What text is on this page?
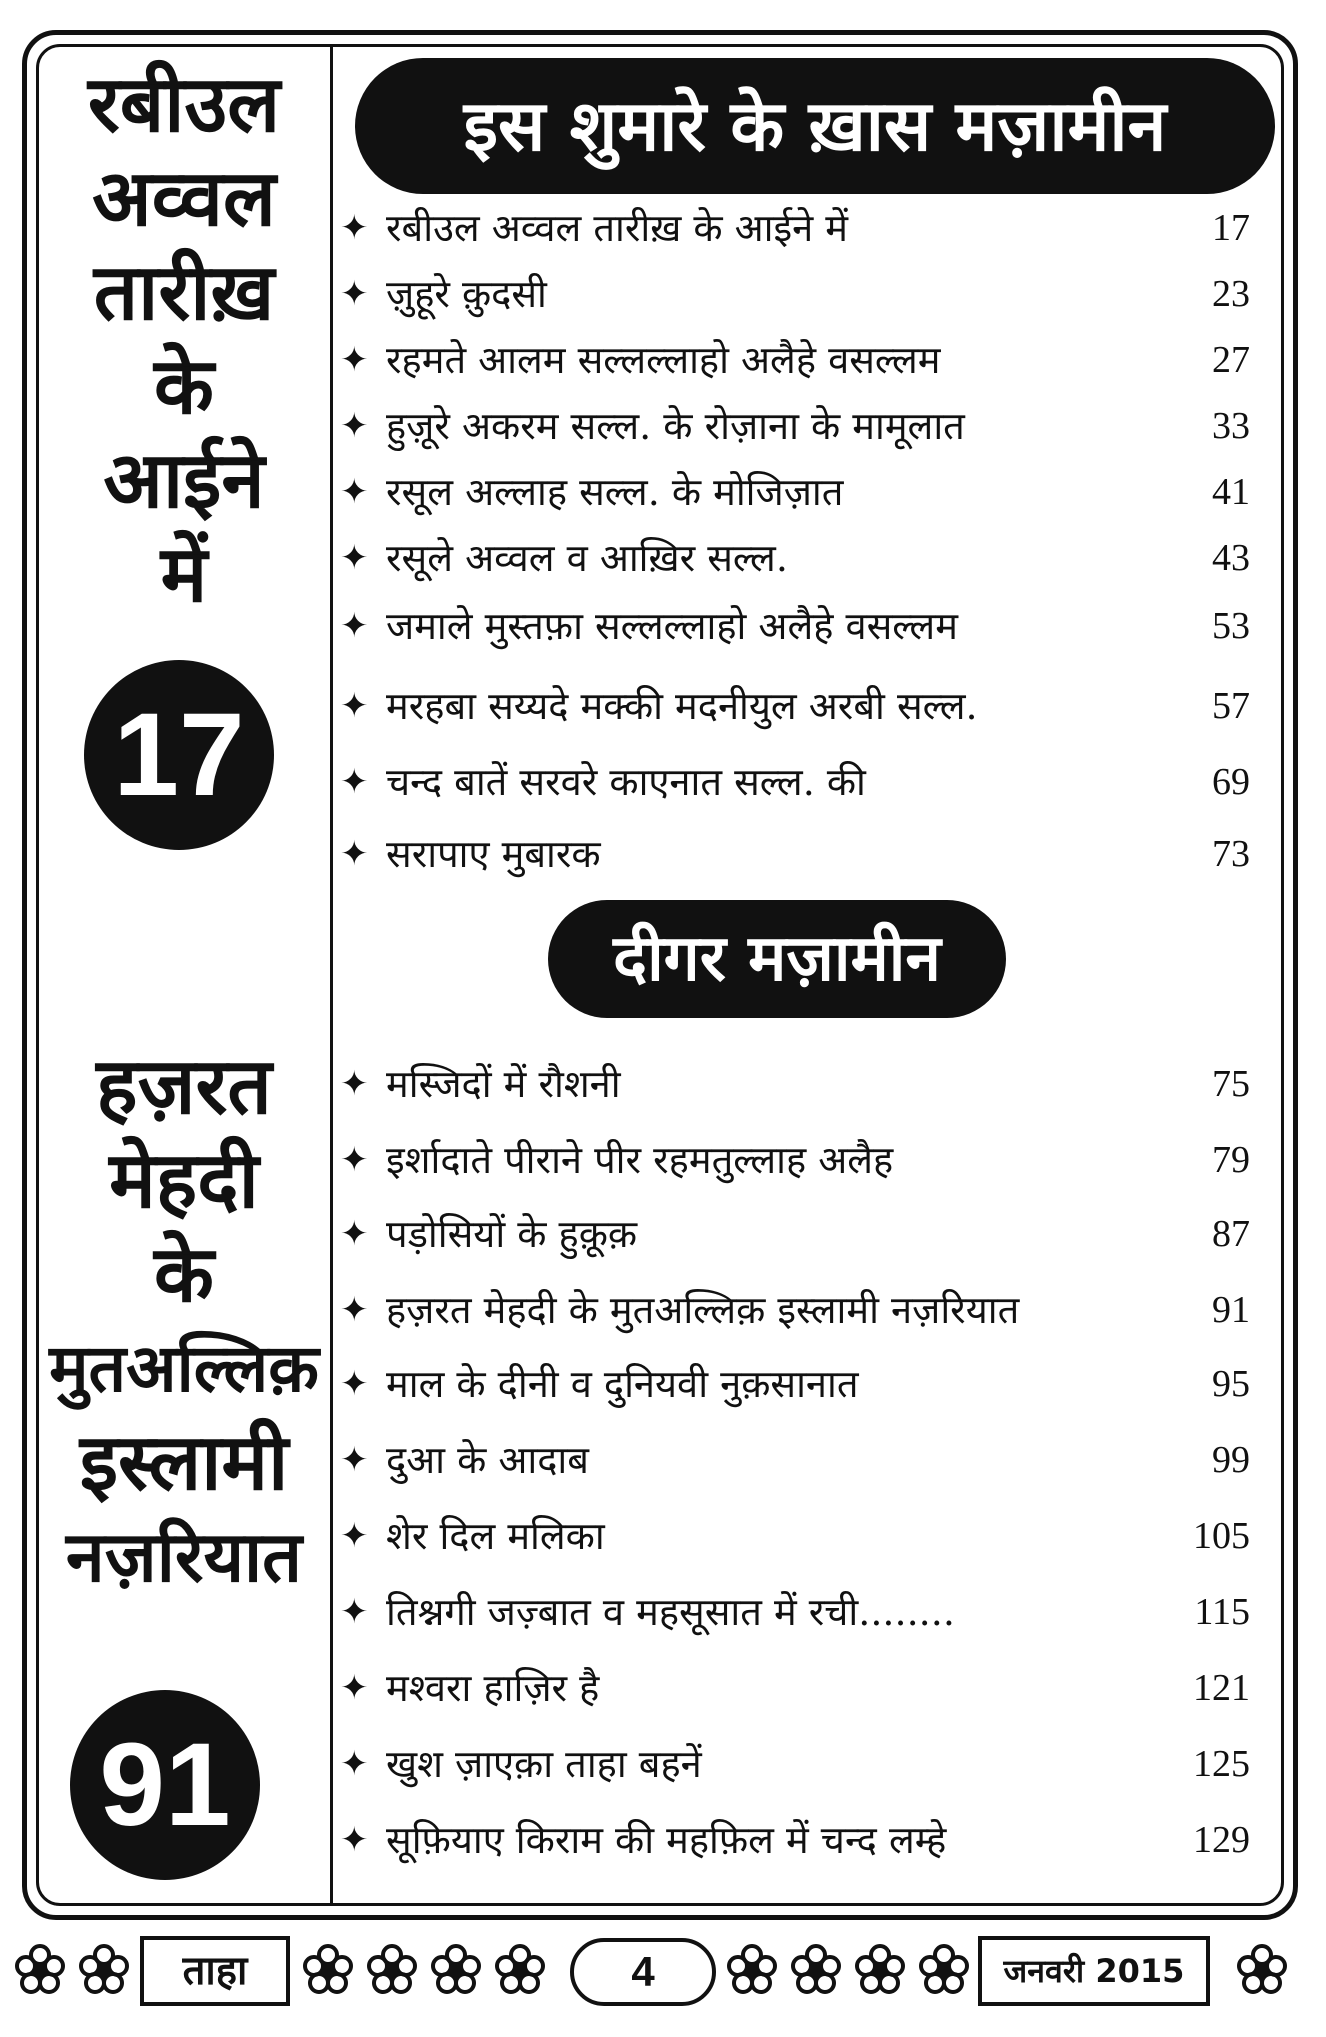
रबीउल
अव्वल
तारीख़
के
आईने
में
17
हज़रत
मेहदी
के
मुतअल्लिक़
इस्लामी
नज़रियात
91
इस शुमारे के ख़ास मज़ामीन
✦ रबीउल अव्वल तारीख़ के आईने में	17
✦ ज़ुहूरे क़ुदसी	23
✦ रहमते आलम सल्लल्लाहो अलैहे वसल्लम	27
✦ हुज़ूरे अकरम सल्ल. के रोज़ाना के मामूलात	33
✦ रसूल अल्लाह सल्ल. के मोजिज़ात	41
✦ रसूले अव्वल व आख़िर सल्ल.	43
✦ जमाले मुस्तफ़ा सल्लल्लाहो अलैहे वसल्लम	53
✦ मरहबा सय्यदे मक्की मदनीयुल अरबी सल्ल.	57
✦ चन्द बातें सरवरे काएनात सल्ल. की	69
✦ सरापाए मुबारक	73
दीगर मज़ामीन
✦ मस्जिदों में रौशनी	75
✦ इर्शादाते पीराने पीर रहमतुल्लाह अलैह	79
✦ पड़ोसियों के हुक़ूक़	87
✦ हज़रत मेहदी के मुतअल्लिक़ इस्लामी नज़रियात	91
✦ माल के दीनी व दुनियवी नुक़सानात	95
✦ दुआ के आदाब	99
✦ शेर दिल मलिका	105
✦ तिश्नगी जज़्बात व महसूसात में रची........	115
✦ मश्वरा हाज़िर है	121
✦ खुश ज़ाएक़ा ताहा बहनें	125
✦ सूफ़ियाए किराम की महफ़िल में चन्द लम्हे	129
ताहा	4	जनवरी 2015
